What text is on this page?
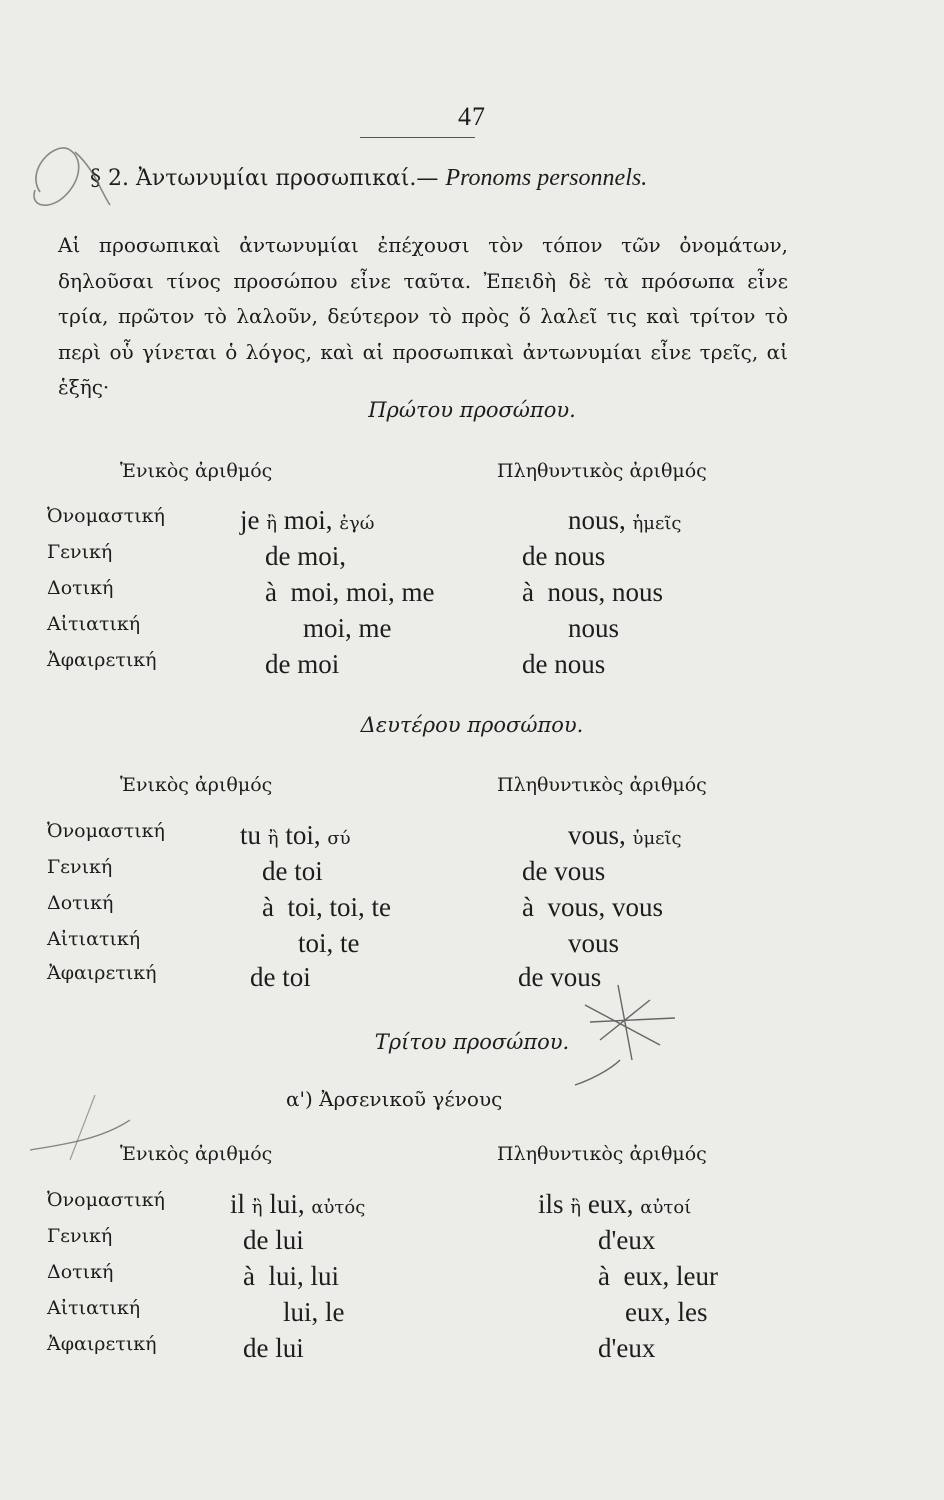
47
§ 2. Ἀντωνυμίαι προσωπικαί.— Pronoms personnels.
Αἱ προσωπικαὶ ἀντωνυμίαι ἐπέχουσι τὸν τόπον τῶν ὀνομάτων, δηλοῦσαι τίνος προσώπου εἶνε ταῦτα. Ἐπειδὴ δὲ τὰ πρόσωπα εἶνε τρία, πρῶτον τὸ λαλοῦν, δεύτερον τὸ πρὸς ὅ λαλεῖ τις καὶ τρίτον τὸ περὶ οὗ γίνεται ὁ λόγος, καὶ αἱ προσωπικαὶ ἀντωνυμίαι εἶνε τρεῖς, αἱ ἑξῆς·
Πρώτου προσώπου.
Ἑνικὸς ἀριθμός	Πληθυντικὸς ἀριθμός
Ὀνομαστική	je ἢ moi, ἐγώ	nous, ἡμεῖς
Γενική	de moi,	de nous
Δοτική	à moi, moi, me	à nous, nous
Αἰτιατική	moi, me	nous
Ἀφαιρετική	de moi	de nous
Δευτέρου προσώπου.
Ἑνικὸς ἀριθμός	Πληθυντικὸς ἀριθμός
Ὀνομαστική	tu ἢ toi, σύ	vous, ὑμεῖς
Γενική	de toi	de vous
Δοτική	à toi, toi, te	à vous, vous
Αἰτιατική	toi, te	vous
Ἀφαιρετική	de toi	de vous
Τρίτου προσώπου.
α') Ἀρσενικοῦ γένους
Ἑνικὸς ἀριθμός	Πληθυντικὸς ἀριθμός
Ὀνομαστική il ἢ lui, αὐτός	ils ἢ eux, αὐτοί
Γενική	de lui	d'eux
Δοτική	à lui, lui	à eux, leur
Αἰτιατική	lui, le	eux, les
Ἀφαιρετική	de lui	d'eux
